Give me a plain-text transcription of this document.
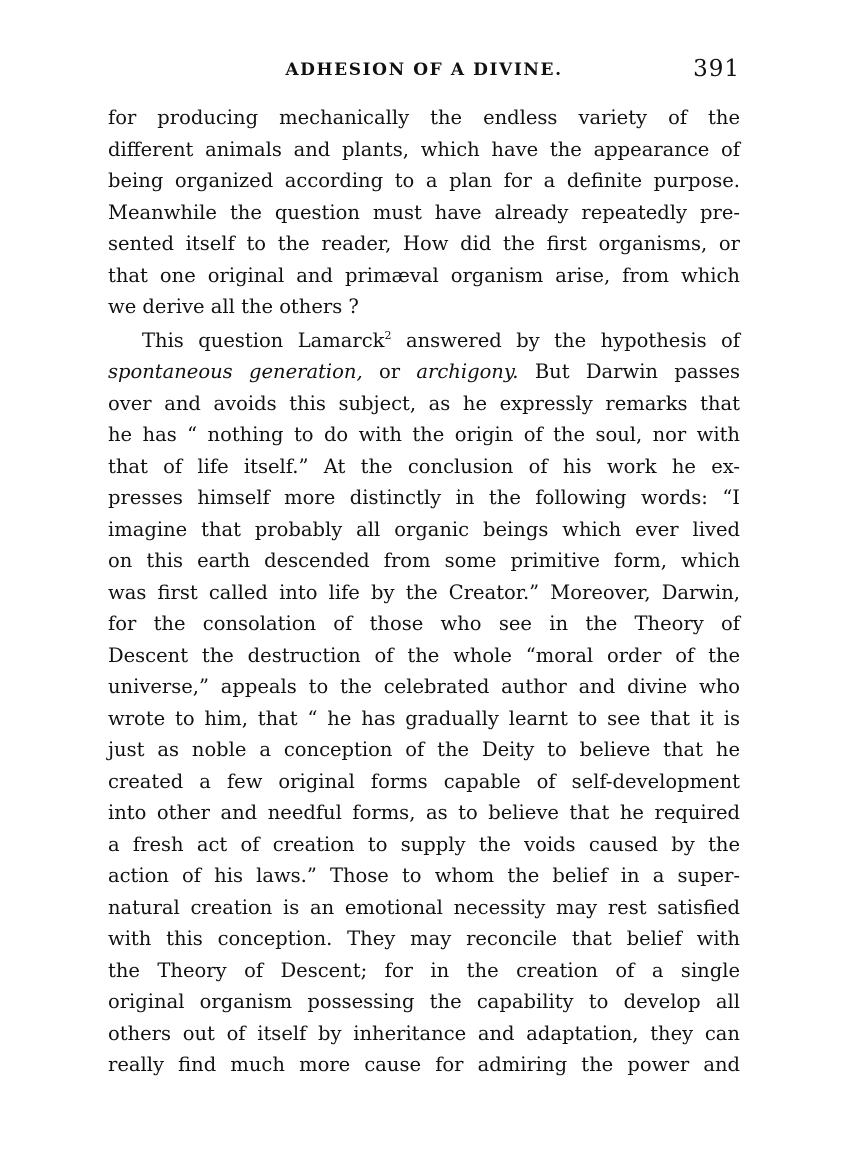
ADHESION OF A DIVINE.	391
for producing mechanically the endless variety of the
different animals and plants, which have the appearance of
being organized according to a plan for a definite purpose.
Meanwhile the question must have already repeatedly pre-
sented itself to the reader, How did the first organisms, or
that one original and primæval organism arise, from which
we derive all the others ?
This question Lamarck$^2$ answered by the hypothesis of
spontaneous generation, or archigony. But Darwin passes
over and avoids this subject, as he expressly remarks that
he has “ nothing to do with the origin of the soul, nor with
that of life itself.” At the conclusion of his work he ex-
presses himself more distinctly in the following words: “I
imagine that probably all organic beings which ever lived
on this earth descended from some primitive form, which
was first called into life by the Creator.” Moreover, Darwin,
for the consolation of those who see in the Theory of
Descent the destruction of the whole “moral order of the
universe,” appeals to the celebrated author and divine who
wrote to him, that “ he has gradually learnt to see that it is
just as noble a conception of the Deity to believe that he
created a few original forms capable of self-development
into other and needful forms, as to believe that he required
a fresh act of creation to supply the voids caused by the
action of his laws.” Those to whom the belief in a super-
natural creation is an emotional necessity may rest satisfied
with this conception. They may reconcile that belief with
the Theory of Descent; for in the creation of a single
original organism possessing the capability to develop all
others out of itself by inheritance and adaptation, they can
really find much more cause for admiring the power and
